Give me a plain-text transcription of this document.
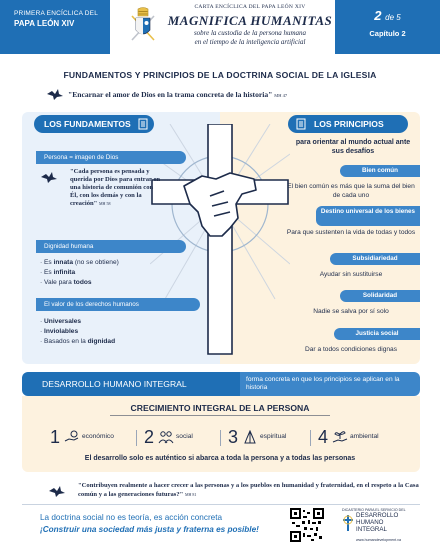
PRIMERA ENCÍCLICA DEL
PAPA LEÓN XIV
CARTA ENCÍCLICA DEL PAPA LEÓN XIV
MAGNIFICA HUMANITAS
sobre la custodia de la persona humana
en el tiempo de la inteligencia artificial
2 de 5
Capítulo 2
FUNDAMENTOS Y PRINCIPIOS DE LA DOCTRINA SOCIAL DE LA IGLESIA
"Encarnar el amor de Dios en la trama concreta de la historia" MH 47
LOS FUNDAMENTOS
Persona = imagen de Dios
"Cada persona es pensada y querida por Dios para entrar en una historia de comunión con Él, con los demás y con la creación" MH 58
Dignidad humana
· Es innata (no se obtiene)
· Es infinita
· Vale para todos
El valor de los derechos humanos
· Universales
· Inviolables
· Basados en la dignidad
LOS PRINCIPIOS
para orientar al mundo actual ante sus desafíos
Bien común
El bien común es más que la suma del bien de cada uno
Destino universal de los bienes
Para que sustenten la vida de todas y todos
Subsidiariedad
Ayudar sin sustituirse
Solidaridad
Nadie se salva por sí solo
Justicia social
Dar a todos condiciones dignas
forma concreta en que los principios se aplican en la historia
DESARROLLO HUMANO INTEGRAL
CRECIMIENTO INTEGRAL DE LA PERSONA
1	económico 2	social 3	espiritual 4	ambiental
El desarrollo solo es auténtico si abarca a toda la persona y a todas las personas
"Contribuyen realmente a hacer crecer a las personas y a los pueblos en humanidad y fraternidad, en el respeto a la Casa común y a las generaciones futuras?" MH 81
La doctrina social no es teoría, es acción concreta
¡Construir una sociedad más justa y fraterna es posible!
DICASTERIO PARA EL SERVICIO DEL
DESARROLLO
HUMANO
INTEGRAL
www.humandevelopment.va
